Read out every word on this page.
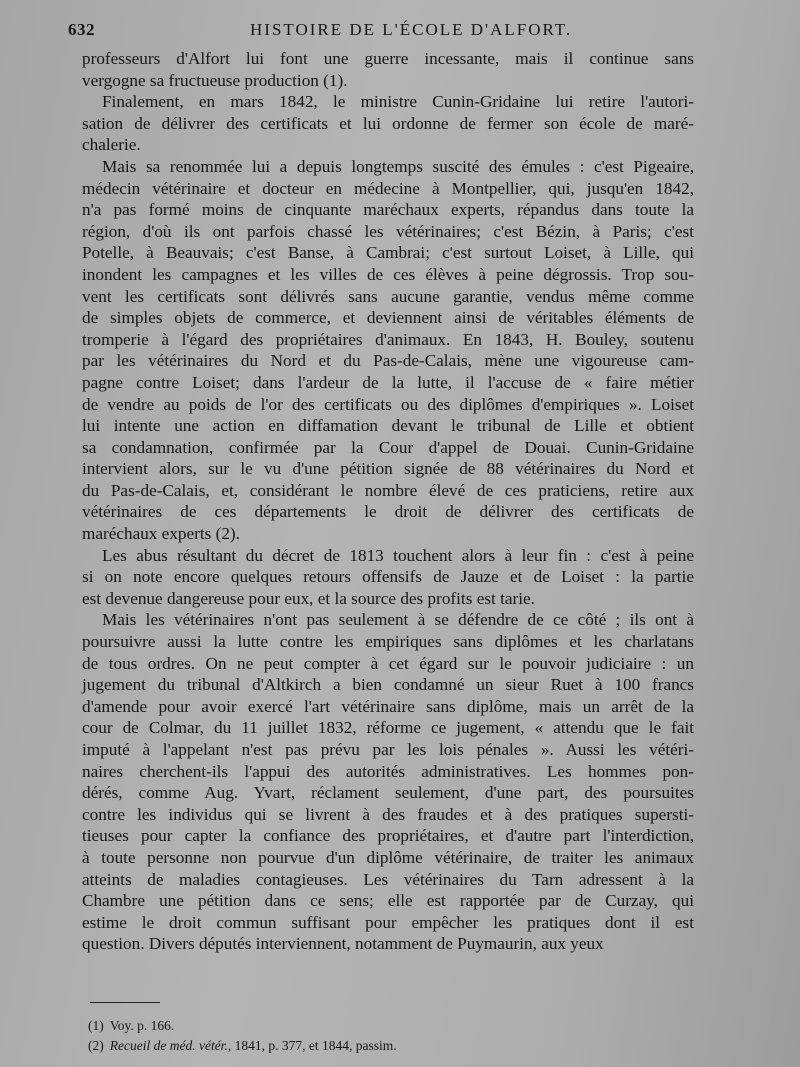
632	HISTOIRE DE L'ÉCOLE D'ALFORT.
professeurs d'Alfort lui font une guerre incessante, mais il continue sans
vergogne sa fructueuse production (1).
Finalement, en mars 1842, le ministre Cunin-Gridaine lui retire l'autori-
sation de délivrer des certificats et lui ordonne de fermer son école de maré-
chalerie.
Mais sa renommée lui a depuis longtemps suscité des émules : c'est Pigeaire,
médecin vétérinaire et docteur en médecine à Montpellier, qui, jusqu'en 1842,
n'a pas formé moins de cinquante maréchaux experts, répandus dans toute la
région, d'où ils ont parfois chassé les vétérinaires; c'est Bézin, à Paris; c'est
Potelle, à Beauvais; c'est Banse, à Cambrai; c'est surtout Loiset, à Lille, qui
inondent les campagnes et les villes de ces élèves à peine dégrossis. Trop sou-
vent les certificats sont délivrés sans aucune garantie, vendus même comme
de simples objets de commerce, et deviennent ainsi de véritables éléments de
tromperie à l'égard des propriétaires d'animaux. En 1843, H. Bouley, soutenu
par les vétérinaires du Nord et du Pas-de-Calais, mène une vigoureuse cam-
pagne contre Loiset; dans l'ardeur de la lutte, il l'accuse de « faire métier
de vendre au poids de l'or des certificats ou des diplômes d'empiriques ». Loiset
lui intente une action en diffamation devant le tribunal de Lille et obtient
sa condamnation, confirmée par la Cour d'appel de Douai. Cunin-Gridaine
intervient alors, sur le vu d'une pétition signée de 88 vétérinaires du Nord et
du Pas-de-Calais, et, considérant le nombre élevé de ces praticiens, retire aux
vétérinaires de ces départements le droit de délivrer des certificats de
maréchaux experts (2).
Les abus résultant du décret de 1813 touchent alors à leur fin : c'est à peine
si on note encore quelques retours offensifs de Jauze et de Loiset : la partie
est devenue dangereuse pour eux, et la source des profits est tarie.
Mais les vétérinaires n'ont pas seulement à se défendre de ce côté ; ils ont à
poursuivre aussi la lutte contre les empiriques sans diplômes et les charlatans
de tous ordres. On ne peut compter à cet égard sur le pouvoir judiciaire : un
jugement du tribunal d'Altkirch a bien condamné un sieur Ruet à 100 francs
d'amende pour avoir exercé l'art vétérinaire sans diplôme, mais un arrêt de la
cour de Colmar, du 11 juillet 1832, réforme ce jugement, « attendu que le fait
imputé à l'appelant n'est pas prévu par les lois pénales ». Aussi les vétéri-
naires cherchent-ils l'appui des autorités administratives. Les hommes pon-
dérés, comme Aug. Yvart, réclament seulement, d'une part, des poursuites
contre les individus qui se livrent à des fraudes et à des pratiques supersti-
tieuses pour capter la confiance des propriétaires, et d'autre part l'interdiction,
à toute personne non pourvue d'un diplôme vétérinaire, de traiter les animaux
atteints de maladies contagieuses. Les vétérinaires du Tarn adressent à la
Chambre une pétition dans ce sens; elle est rapportée par de Curzay, qui
estime le droit commun suffisant pour empêcher les pratiques dont il est
question. Divers députés interviennent, notamment de Puymaurin, aux yeux
(1) Voy. p. 166.
(2) Recueil de méd. vétér., 1841, p. 377, et 1844, passim.
